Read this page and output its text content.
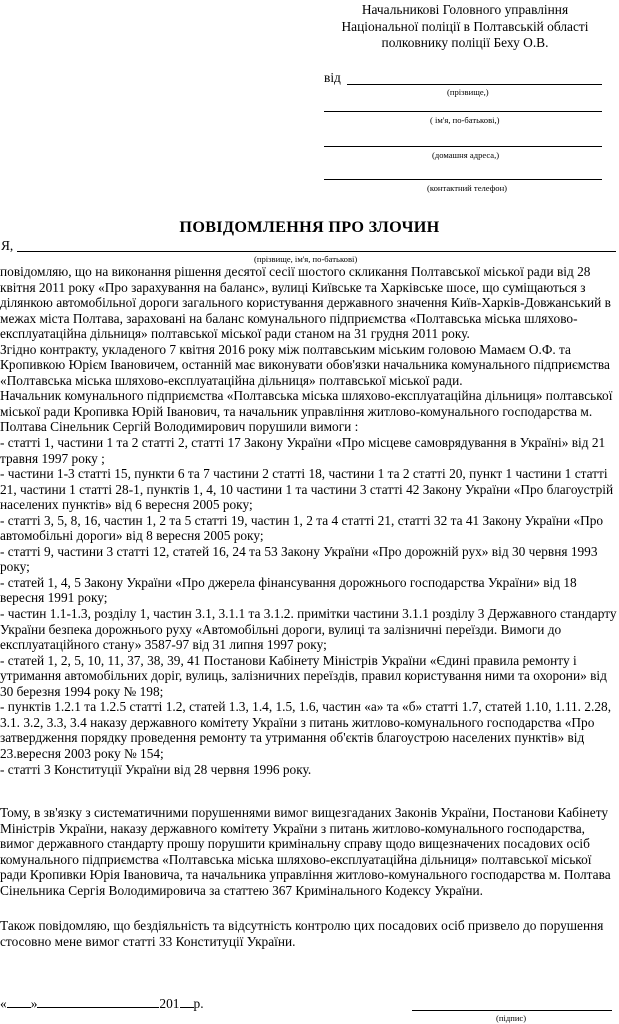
Начальникові Головного управління
Національної поліції в Полтавській області
полковнику поліції Беху О.В.
від
(прізвище,)
( ім'я, по-батькові,)
(домашня адреса,)
(контактний телефон)
ПОВІДОМЛЕННЯ ПРО ЗЛОЧИН
Я,
(прізвище, ім'я, по-батькові)

повідомляю, що на виконання рішення десятої сесії шостого скликання Полтавської міської ради від 28 квітня 2011 року «Про зарахування на баланс», вулиці Київське та Харківське шосе, що суміщаються з ділянкою автомобільної дороги загального користування державного значення Київ-Харків-Довжанський в межах міста Полтава, зараховані на баланс комунального підприємства «Полтавська міська шляхово-експлуатаційна дільниця» полтавської міської ради станом на 31 грудня 2011 року.

Згідно контракту, укладеного 7 квітня 2016 року між полтавським міським головою Мамаєм О.Ф. та Кропивкою Юрієм Івановичем, останній має виконувати обов'язки начальника комунального підприємства «Полтавська міська шляхово-експлуатаційна дільниця» полтавської міської ради.

Начальник комунального підприємства «Полтавська міська шляхово-експлуатаційна дільниця» полтавської міської ради Кропивка Юрій Іванович, та начальник управління житлово-комунального господарства м. Полтава Сінельник Сергій Володимирович порушили вимоги :

- статті 1, частини 1 та 2 статті 2, статті 17 Закону України «Про місцеве самоврядування в Україні» від 21 травня 1997 року ;
- частини 1-3 статті 15, пункти 6 та 7 частини 2 статті 18, частини 1 та 2 статті 20, пункт 1 частини 1 статті 21, частини 1 статті 28-1, пунктів 1, 4, 10 частини 1 та частини 3 статті 42 Закону України «Про благоустрій населених пунктів» від 6 вересня 2005 року;
- статті 3, 5, 8, 16, частин 1, 2 та 5 статті 19, частин 1, 2 та 4 статті 21, статті 32 та 41 Закону України «Про автомобільні дороги» від 8 вересня 2005 року;
- статті 9, частини 3 статті 12, статей 16, 24 та 53 Закону України «Про дорожній рух» від 30 червня 1993 року;
- статей 1, 4, 5 Закону України «Про джерела фінансування дорожнього господарства України» від 18 вересня 1991 року;
- частин 1.1-1.3, розділу 1, частин 3.1, 3.1.1 та 3.1.2. примітки частини 3.1.1 розділу 3 Державного стандарту України безпека дорожнього руху «Автомобільні дороги, вулиці та залізничні переїзди. Вимоги до експлуатаційного стану» 3587-97 від 31 липня 1997 року;
- статей 1, 2, 5, 10, 11, 37, 38, 39, 41 Постанови Кабінету Міністрів України «Єдині правила ремонту і утримання автомобільних доріг, вулиць, залізничних переїздів, правил користування ними та охорони» від 30 березня 1994 року № 198;
- пунктів 1.2.1 та 1.2.5 статті 1.2, статей 1.3, 1.4, 1.5, 1.6, частин «а» та «б» статті 1.7, статей 1.10, 1.11. 2.28, 3.1. 3.2, 3.3, 3.4 наказу державного комітету України з питань житлово-комунального господарства «Про затвердження порядку проведення ремонту та утримання об'єктів благоустрою населених пунктів» від 23.вересня 2003 року № 154;
- статті 3 Конституції України від 28 червня 1996 року.

Тому, в зв'язку з систематичними порушеннями вимог вищезгаданих Законів України, Постанови Кабінету Міністрів України, наказу державного комітету України з питань житлово-комунального господарства, вимог державного стандарту прошу порушити кримінальну справу щодо вищезначених посадових осіб комунального підприємства «Полтавська міська шляхово-експлуатаційна дільниця» полтавської міської ради Кропивки Юрія Івановича, та начальника управління житлово-комунального господарства м. Полтава Сінельника Сергія Володимировича за статтею 367 Кримінального Кодексу України.

Також повідомляю, що бездіяльність та відсутність контролю цих посадових осіб призвело до порушення стосовно мене вимог статті 33 Конституції України.

« »	201 р.
(підпис)
